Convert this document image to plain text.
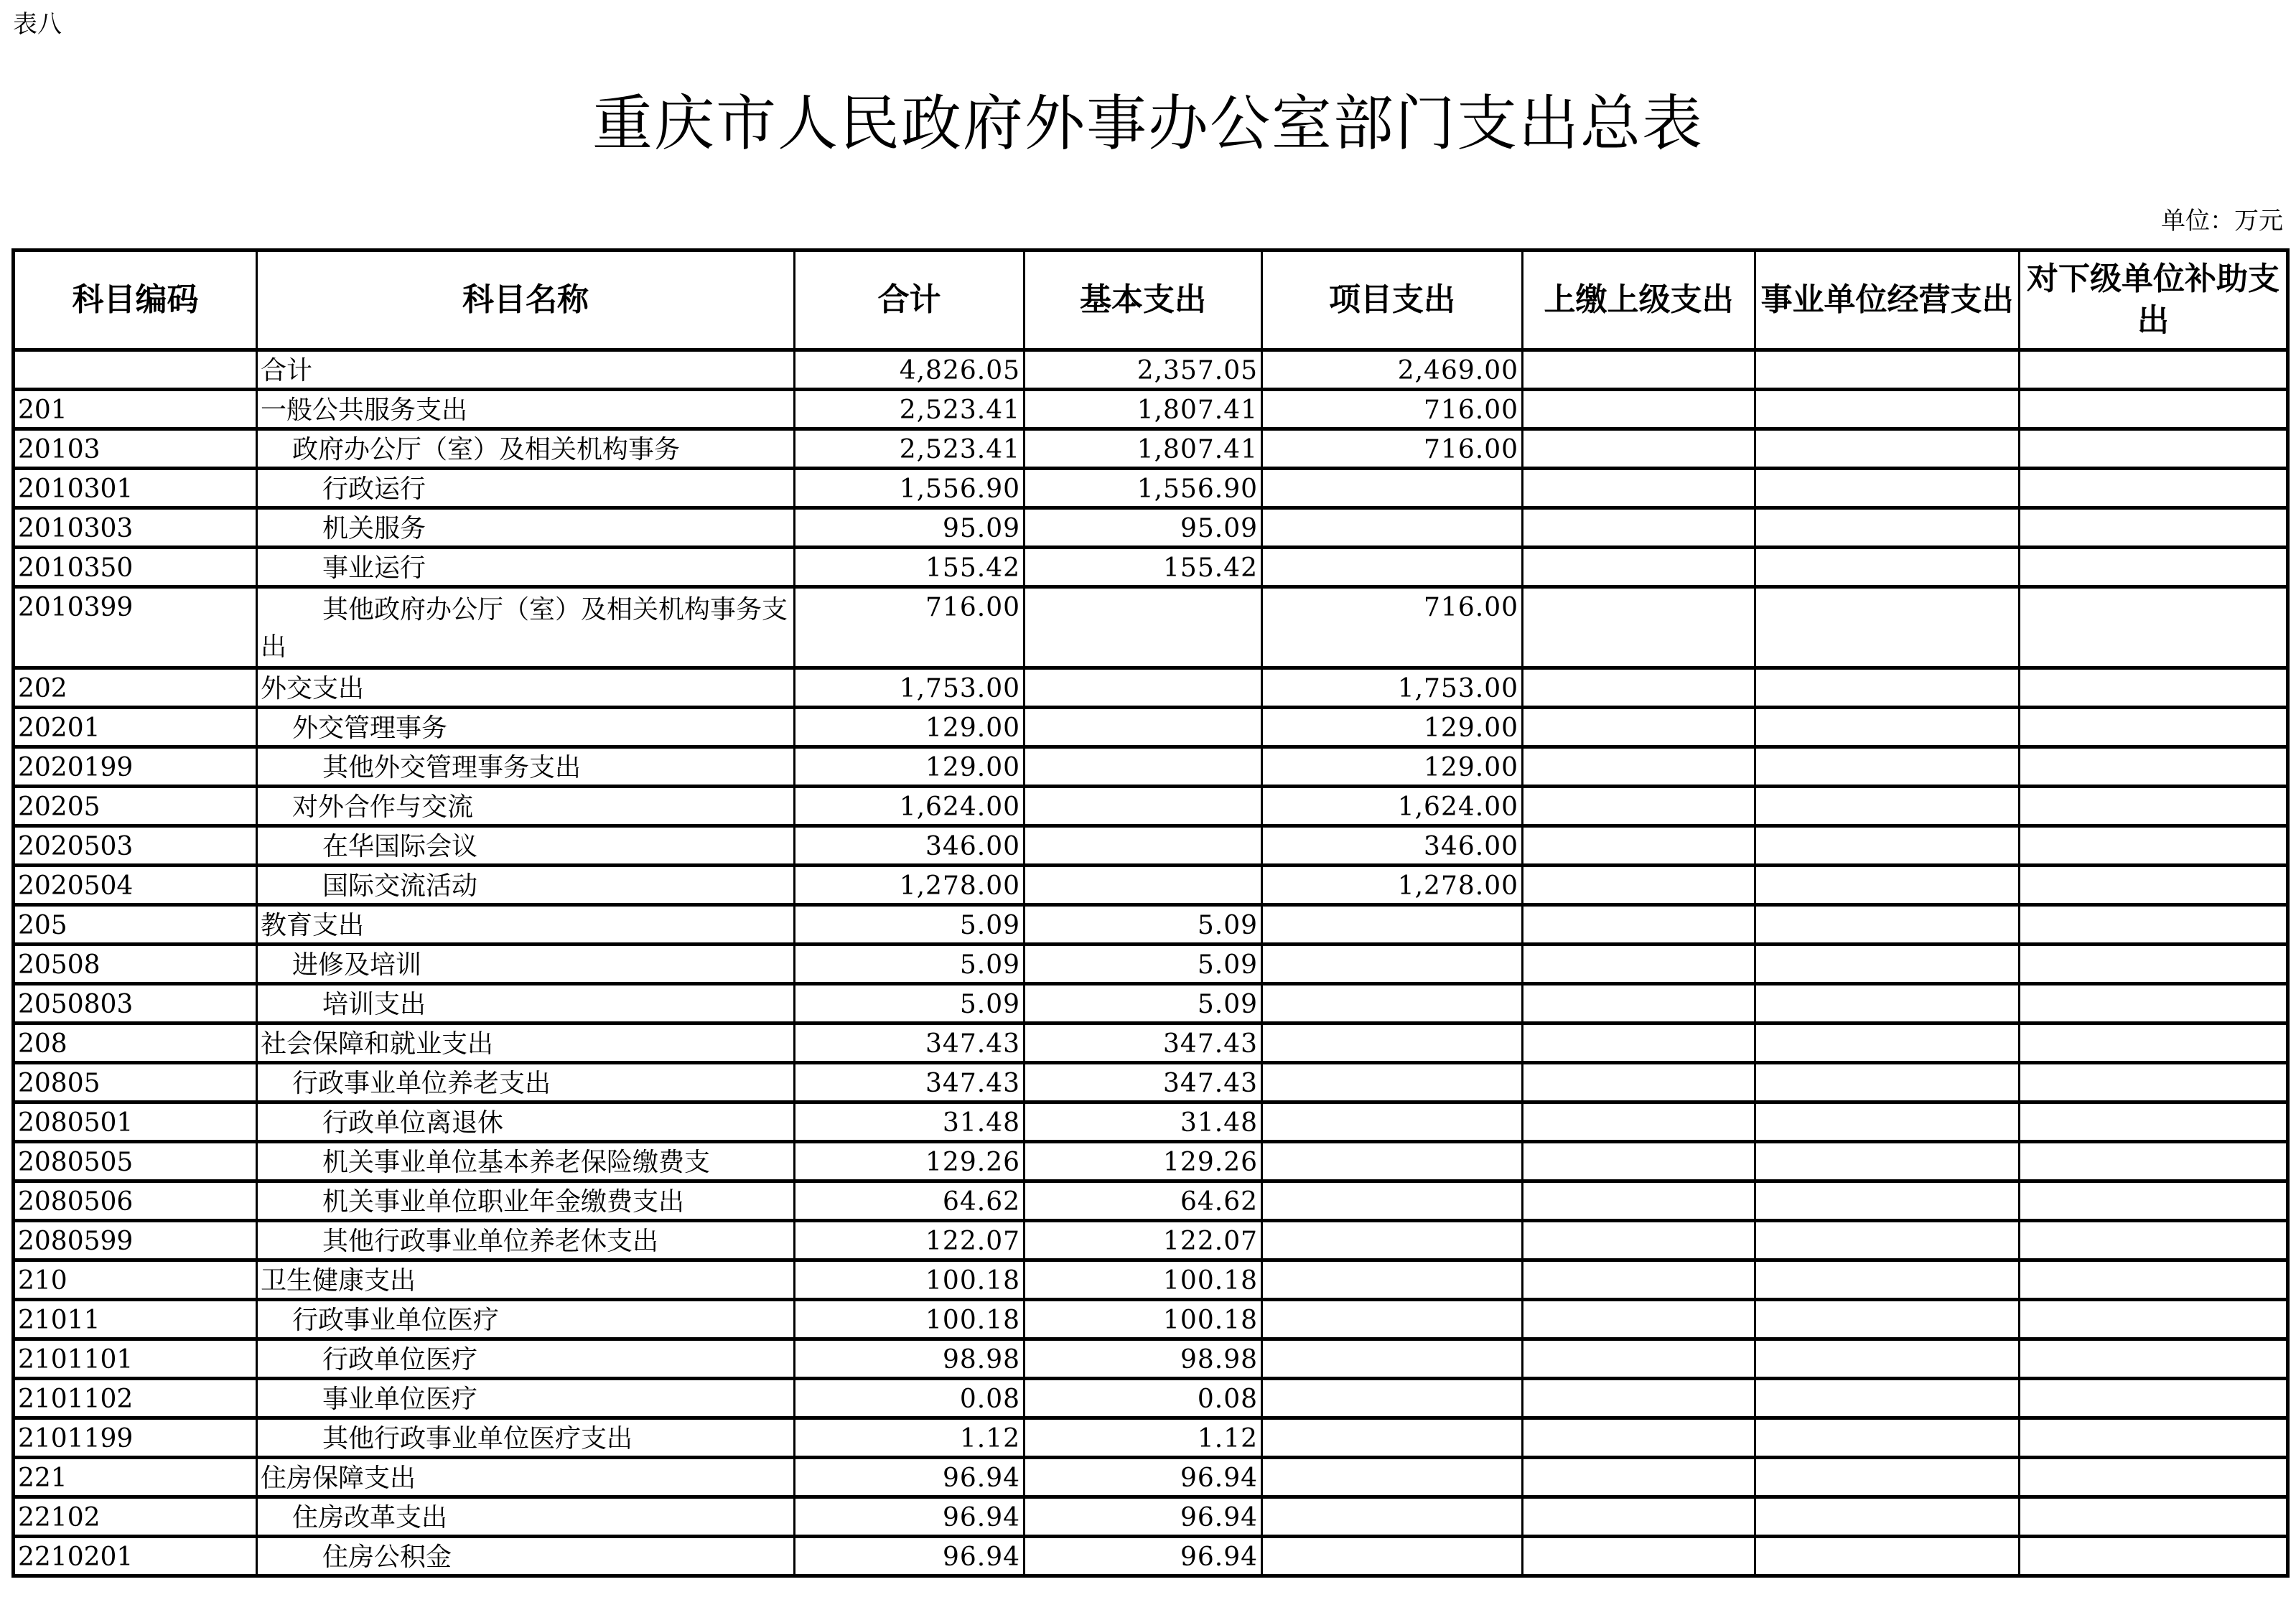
表八
重庆市人民政府外事办公室部门支出总表
单位：万元
科目编码	科目名称	合计	基本支出	项目支出	上缴上级支出	事业单位经营支出	对下级单位补助支出
	合计	4,826.05	2,357.05	2,469.00			
201	一般公共服务支出	2,523.41	1,807.41	716.00			
20103	政府办公厅（室）及相关机构事务	2,523.41	1,807.41	716.00			
2010301	行政运行	1,556.90	1,556.90				
2010303	机关服务	95.09	95.09				
2010350	事业运行	155.42	155.42				
2010399	其他政府办公厅（室）及相关机构事务支出	716.00		716.00			
202	外交支出	1,753.00		1,753.00			
20201	外交管理事务	129.00		129.00			
2020199	其他外交管理事务支出	129.00		129.00			
20205	对外合作与交流	1,624.00		1,624.00			
2020503	在华国际会议	346.00		346.00			
2020504	国际交流活动	1,278.00		1,278.00			
205	教育支出	5.09	5.09				
20508	进修及培训	5.09	5.09				
2050803	培训支出	5.09	5.09				
208	社会保障和就业支出	347.43	347.43				
20805	行政事业单位养老支出	347.43	347.43				
2080501	行政单位离退休	31.48	31.48				
2080505	机关事业单位基本养老保险缴费支	129.26	129.26				
2080506	机关事业单位职业年金缴费支出	64.62	64.62				
2080599	其他行政事业单位养老休支出	122.07	122.07				
210	卫生健康支出	100.18	100.18				
21011	行政事业单位医疗	100.18	100.18				
2101101	行政单位医疗	98.98	98.98				
2101102	事业单位医疗	0.08	0.08				
2101199	其他行政事业单位医疗支出	1.12	1.12				
221	住房保障支出	96.94	96.94				
22102	住房改革支出	96.94	96.94				
2210201	住房公积金	96.94	96.94				
